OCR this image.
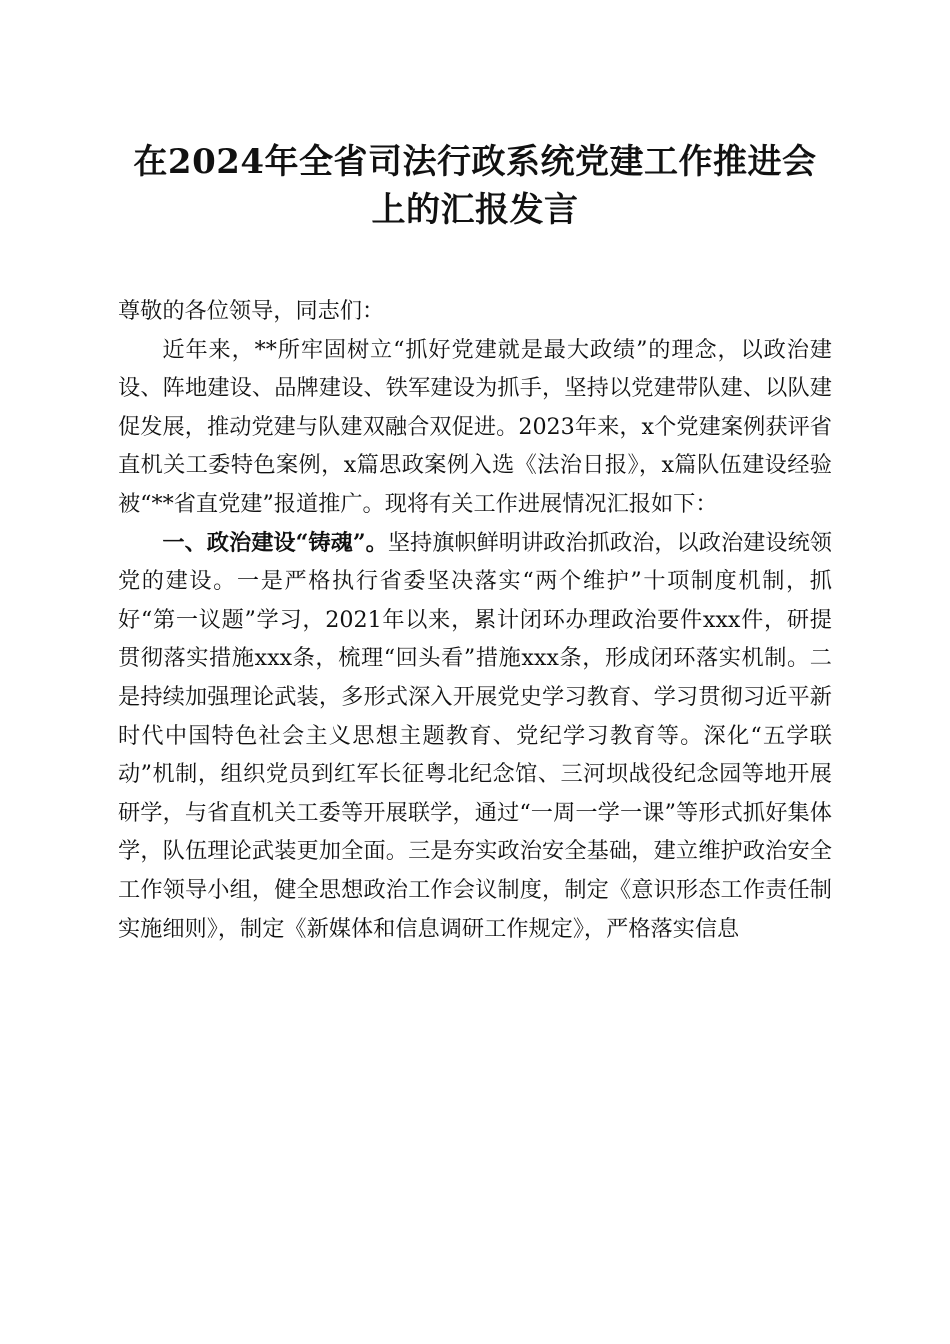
在2024年全省司法行政系统党建工作推进会
上的汇报发言

尊敬的各位领导，同志们：

近年来，**所牢固树立“抓好党建就是最大政绩”的理念，以政治建设、阵地建设、品牌建设、铁军建设为抓手，坚持以党建带队建、以队建促发展，推动党建与队建双融合双促进。2023年来，x个党建案例获评省直机关工委特色案例，x篇思政案例入选《法治日报》，x篇队伍建设经验被“**省直党建”报道推广。现将有关工作进展情况汇报如下：

一、政治建设“铸魂”。坚持旗帜鲜明讲政治抓政治，以政治建设统领党的建设。一是严格执行省委坚决落实“两个维护”十项制度机制，抓好“第一议题”学习，2021年以来，累计闭环办理政治要件xxx件，研提贯彻落实措施xxx条，梳理“回头看”措施xxx条，形成闭环落实机制。二是持续加强理论武装，多形式深入开展党史学习教育、学习贯彻习近平新时代中国特色社会主义思想主题教育、党纪学习教育等。深化“五学联动”机制，组织党员到红军长征粤北纪念馆、三河坝战役纪念园等地开展研学，与省直机关工委等开展联学，通过“一周一学一课”等形式抓好集体学，队伍理论武装更加全面。三是夯实政治安全基础，建立维护政治安全工作领导小组，健全思想政治工作会议制度，制定《意识形态工作责任制实施细则》，制定《新媒体和信息调研工作规定》，严格落实信息
